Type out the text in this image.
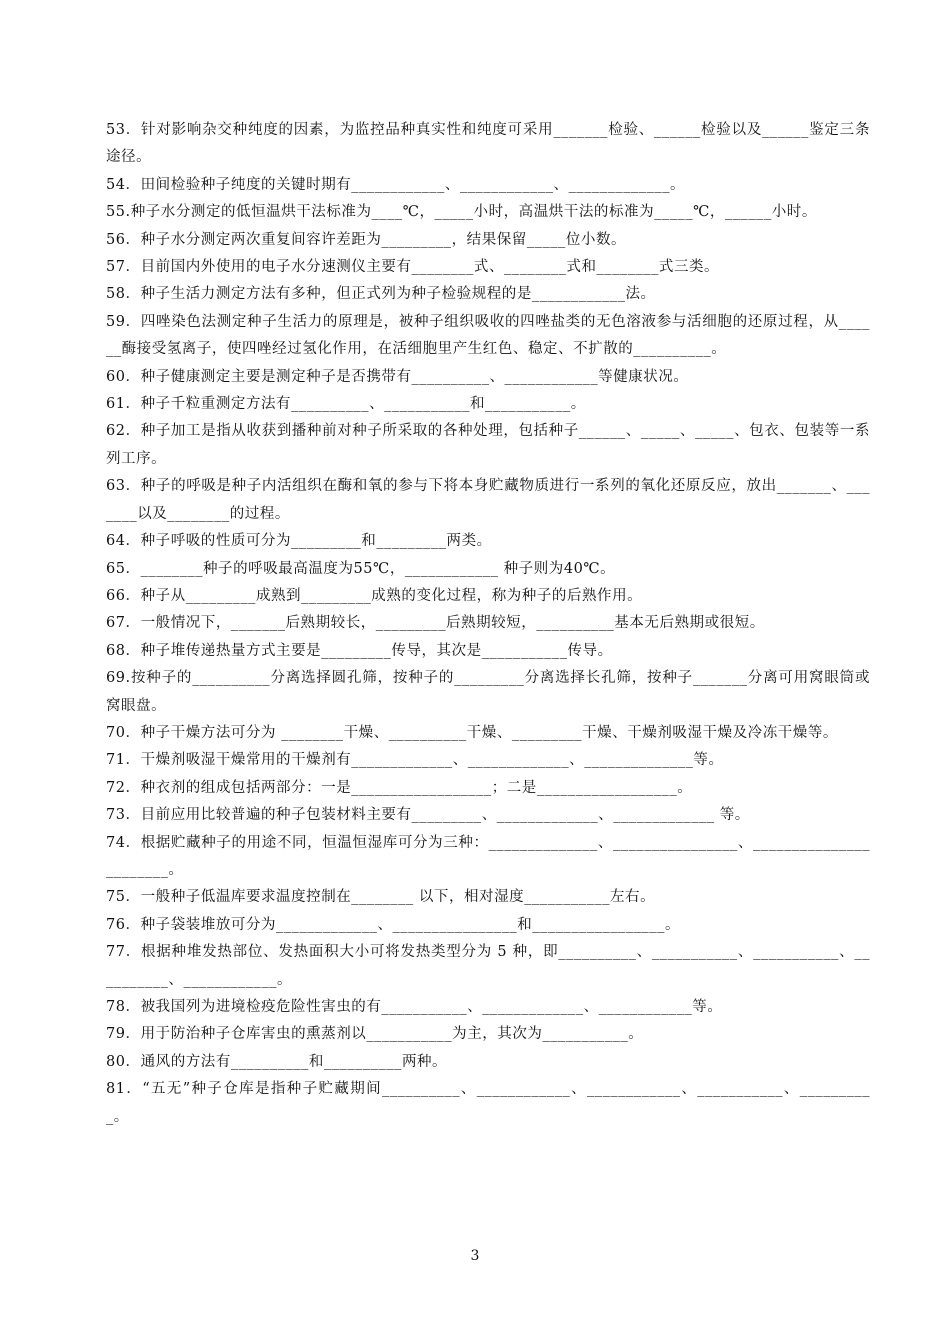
53．针对影响杂交种纯度的因素，为监控品种真实性和纯度可采用_______检验、______检验以及______鉴定三条途径。

54．田间检验种子纯度的关键时期有____________、____________、_____________。

55.种子水分测定的低恒温烘干法标准为____℃，_____小时，高温烘干法的标准为_____℃，______小时。

56．种子水分测定两次重复间容许差距为_________，结果保留_____位小数。

57．目前国内外使用的电子水分速测仪主要有________式、________式和________式三类。

58．种子生活力测定方法有多种，但正式列为种子检验规程的是____________法。

59．四唑染色法测定种子生活力的原理是，被种子组织吸收的四唑盐类的无色溶液参与活细胞的还原过程，从______酶接受氢离子，使四唑经过氢化作用，在活细胞里产生红色、稳定、不扩散的__________。

60．种子健康测定主要是测定种子是否携带有__________、____________等健康状况。

61．种子千粒重测定方法有__________、___________和___________。

62．种子加工是指从收获到播种前对种子所采取的各种处理，包括种子______、_____、_____、包衣、包装等一系列工序。

63．种子的呼吸是种子内活组织在酶和氧的参与下将本身贮藏物质进行一系列的氧化还原反应，放出_______、_______以及________的过程。

64．种子呼吸的性质可分为_________和_________两类。

65．________种子的呼吸最高温度为55℃，____________ 种子则为40℃。

66．种子从_________成熟到_________成熟的变化过程，称为种子的后熟作用。

67．一般情况下，_______后熟期较长，_________后熟期较短，__________基本无后熟期或很短。

68．种子堆传递热量方式主要是_________传导，其次是___________传导。

69.按种子的__________分离选择圆孔筛，按种子的_________分离选择长孔筛，按种子_______分离可用窝眼筒或窝眼盘。

70．种子干燥方法可分为 ________干燥、__________干燥、_________干燥、干燥剂吸湿干燥及冷冻干燥等。

71．干燥剂吸湿干燥常用的干燥剂有_____________、_____________、______________等。

72．种衣剂的组成包括两部分：一是__________________；二是__________________。

73．目前应用比较普遍的种子包装材料主要有_________、_____________、_____________ 等。

74．根据贮藏种子的用途不同，恒温恒湿库可分为三种：______________、________________、_______________________。

75．一般种子低温库要求温度控制在________ 以下，相对湿度___________左右。

76．种子袋装堆放可分为_____________、________________和_________________。

77．根据种堆发热部位、发热面积大小可将发热类型分为 5 种，即__________、___________、___________、__________、____________。

78．被我国列为进境检疫危险性害虫的有___________、_____________、____________等。

79．用于防治种子仓库害虫的熏蒸剂以___________为主，其次为___________。

80．通风的方法有__________和__________两种。

81．“五无”种子仓库是指种子贮藏期间__________、____________、____________、___________、__________。

3
